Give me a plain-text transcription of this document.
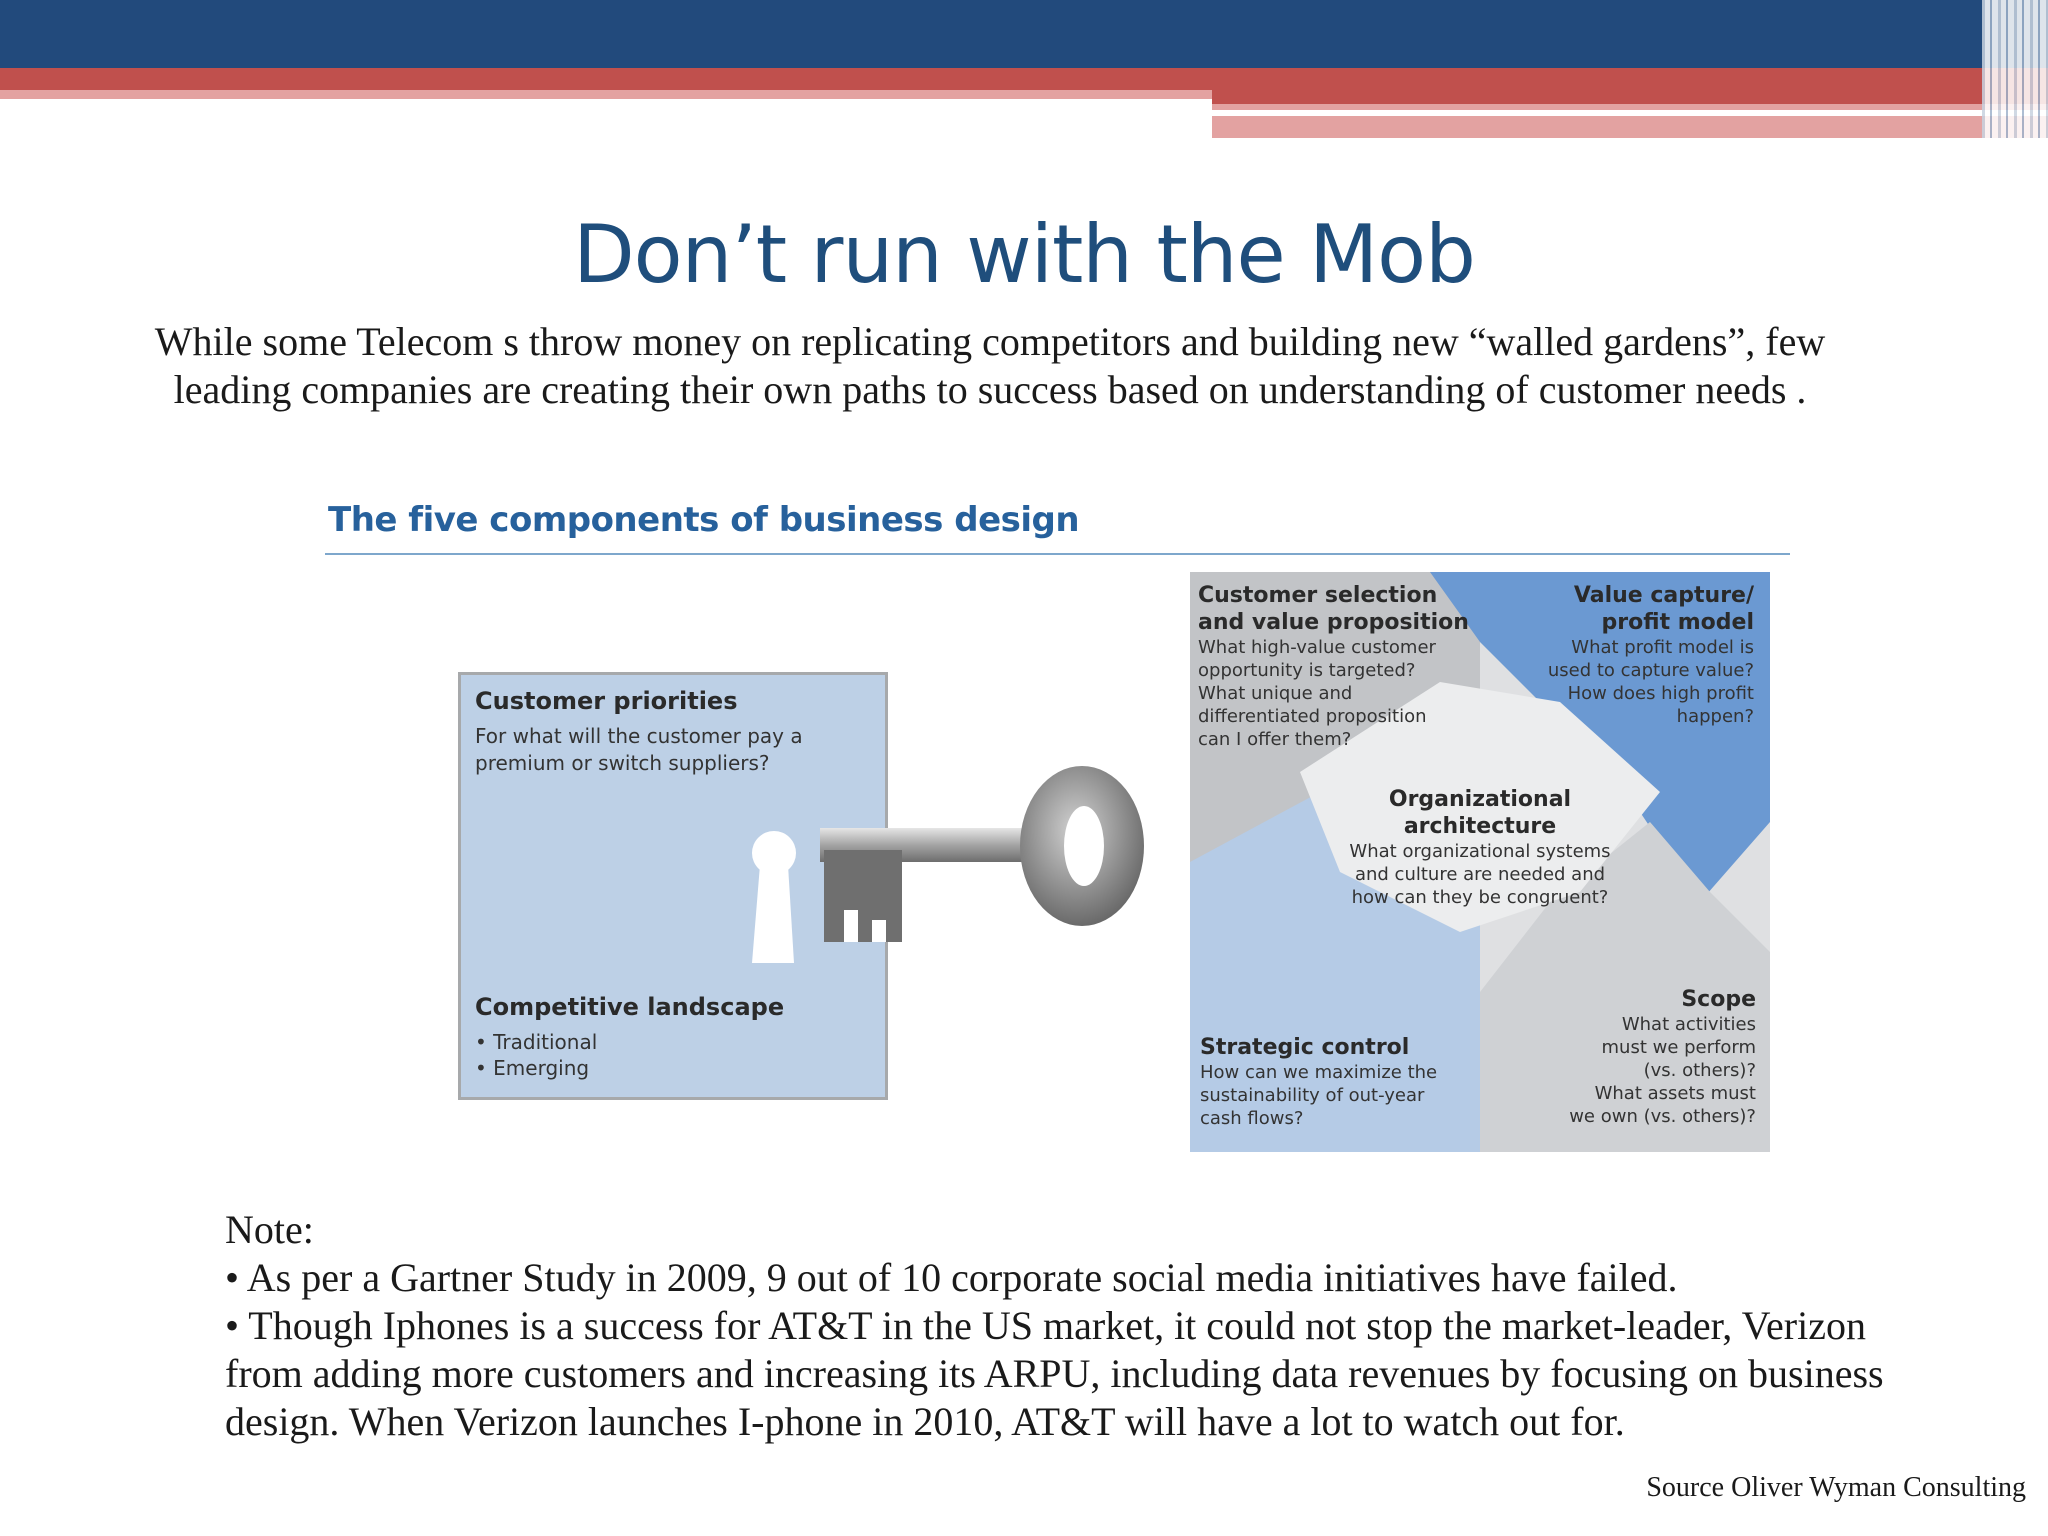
Don’t run with the Mob
While some Telecom s throw money on replicating competitors and building new “walled gardens”, few leading companies are creating their own paths to success based on understanding of customer needs .
The five components of business design
Customer priorities
For what will the customer pay a
premium or switch suppliers?
Competitive landscape
• Traditional
• Emerging
Customer selection
and value proposition
What high-value customer
opportunity is targeted?
What unique and
differentiated proposition
can I offer them?
Value capture/
profit model
What profit model is
used to capture value?
How does high profit
happen?
Organizational
architecture
What organizational systems
and culture are needed and
how can they be congruent?
Strategic control
How can we maximize the
sustainability of out-year
cash flows?
Scope
What activities
must we perform
(vs. others)?
What assets must
we own (vs. others)?

Note:

• As per a Gartner Study in 2009, 9 out of 10 corporate social media initiatives have failed.

• Though Iphones is a success for AT&T in the US market, it could not stop the market-leader, Verizon from adding more customers and increasing its ARPU, including data revenues by focusing on business design. When Verizon launches I-phone in 2010, AT&T will have a lot to watch out for.

Source Oliver Wyman Consulting
